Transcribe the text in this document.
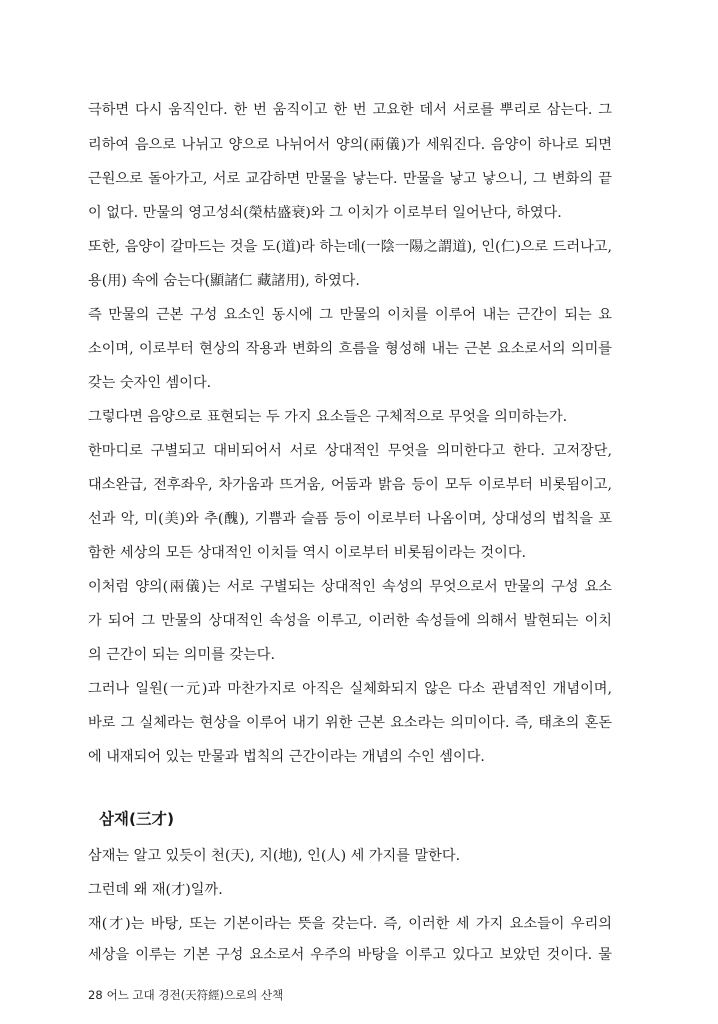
극하면 다시 움직인다. 한 번 움직이고 한 번 고요한 데서 서로를 뿌리로 삼는다. 그
리하여 음으로 나뉘고 양으로 나뉘어서 양의(兩儀)가 세워진다. 음양이 하나로 되면
근원으로 돌아가고, 서로 교감하면 만물을 낳는다. 만물을 낳고 낳으니, 그 변화의 끝
이 없다. 만물의 영고성쇠(榮枯盛衰)와 그 이치가 이로부터 일어난다, 하였다.
또한, 음양이 갈마드는 것을 도(道)라 하는데(一陰一陽之謂道), 인(仁)으로 드러나고,
용(用) 속에 숨는다(顯諸仁 藏諸用), 하였다.
즉 만물의 근본 구성 요소인 동시에 그 만물의 이치를 이루어 내는 근간이 되는 요
소이며, 이로부터 현상의 작용과 변화의 흐름을 형성해 내는 근본 요소로서의 의미를
갖는 숫자인 셈이다.
그렇다면 음양으로 표현되는 두 가지 요소들은 구체적으로 무엇을 의미하는가.
한마디로 구별되고 대비되어서 서로 상대적인 무엇을 의미한다고 한다. 고저장단,
대소완급, 전후좌우, 차가움과 뜨거움, 어둠과 밝음 등이 모두 이로부터 비롯됨이고,
선과 악, 미(美)와 추(醜), 기쁨과 슬픔 등이 이로부터 나옴이며, 상대성의 법칙을 포
함한 세상의 모든 상대적인 이치들 역시 이로부터 비롯됨이라는 것이다.
이처럼 양의(兩儀)는 서로 구별되는 상대적인 속성의 무엇으로서 만물의 구성 요소
가 되어 그 만물의 상대적인 속성을 이루고, 이러한 속성들에 의해서 발현되는 이치
의 근간이 되는 의미를 갖는다.
그러나 일원(一元)과 마찬가지로 아직은 실체화되지 않은 다소 관념적인 개념이며,
바로 그 실체라는 현상을 이루어 내기 위한 근본 요소라는 의미이다. 즉, 태초의 혼돈
에 내재되어 있는 만물과 법칙의 근간이라는 개념의 수인 셈이다.
삼재(三才)
삼재는 알고 있듯이 천(天), 지(地), 인(人) 세 가지를 말한다.
그런데 왜 재(才)일까.
재(才)는 바탕, 또는 기본이라는 뜻을 갖는다. 즉, 이러한 세 가지 요소들이 우리의
세상을 이루는 기본 구성 요소로서 우주의 바탕을 이루고 있다고 보았던 것이다. 물
28 어느 고대 경전(天符經)으로의 산책
